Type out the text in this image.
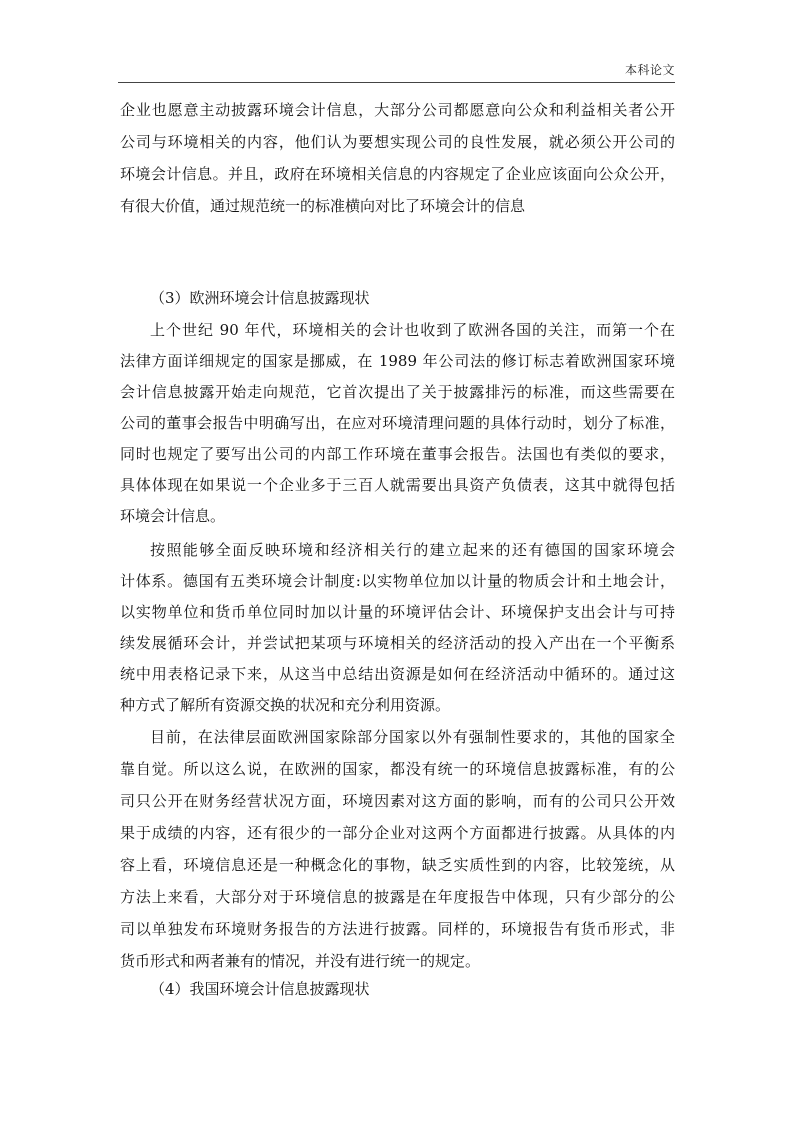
本科论文
企业也愿意主动披露环境会计信息，大部分公司都愿意向公众和利益相关者公开
公司与环境相关的内容，他们认为要想实现公司的良性发展，就必须公开公司的
环境会计信息。并且，政府在环境相关信息的内容规定了企业应该面向公众公开，
有很大价值，通过规范统一的标准横向对比了环境会计的信息
（3）欧洲环境会计信息披露现状
上个世纪 90 年代，环境相关的会计也收到了欧洲各国的关注，而第一个在
法律方面详细规定的国家是挪威，在 1989 年公司法的修订标志着欧洲国家环境
会计信息披露开始走向规范，它首次提出了关于披露排污的标准，而这些需要在
公司的董事会报告中明确写出，在应对环境清理问题的具体行动时，划分了标准，
同时也规定了要写出公司的内部工作环境在董事会报告。法国也有类似的要求，
具体体现在如果说一个企业多于三百人就需要出具资产负债表，这其中就得包括
环境会计信息。
按照能够全面反映环境和经济相关行的建立起来的还有德国的国家环境会
计体系。德国有五类环境会计制度:以实物单位加以计量的物质会计和土地会计，
以实物单位和货币单位同时加以计量的环境评估会计、环境保护支出会计与可持
续发展循环会计，并尝试把某项与环境相关的经济活动的投入产出在一个平衡系
统中用表格记录下来，从这当中总结出资源是如何在经济活动中循环的。通过这
种方式了解所有资源交换的状况和充分利用资源。
目前，在法律层面欧洲国家除部分国家以外有强制性要求的，其他的国家全
靠自觉。所以这么说，在欧洲的国家，都没有统一的环境信息披露标准，有的公
司只公开在财务经营状况方面，环境因素对这方面的影响，而有的公司只公开效
果于成绩的内容，还有很少的一部分企业对这两个方面都进行披露。从具体的内
容上看，环境信息还是一种概念化的事物，缺乏实质性到的内容，比较笼统，从
方法上来看，大部分对于环境信息的披露是在年度报告中体现，只有少部分的公
司以单独发布环境财务报告的方法进行披露。同样的，环境报告有货币形式，非
货币形式和两者兼有的情况，并没有进行统一的规定。
（4）我国环境会计信息披露现状
